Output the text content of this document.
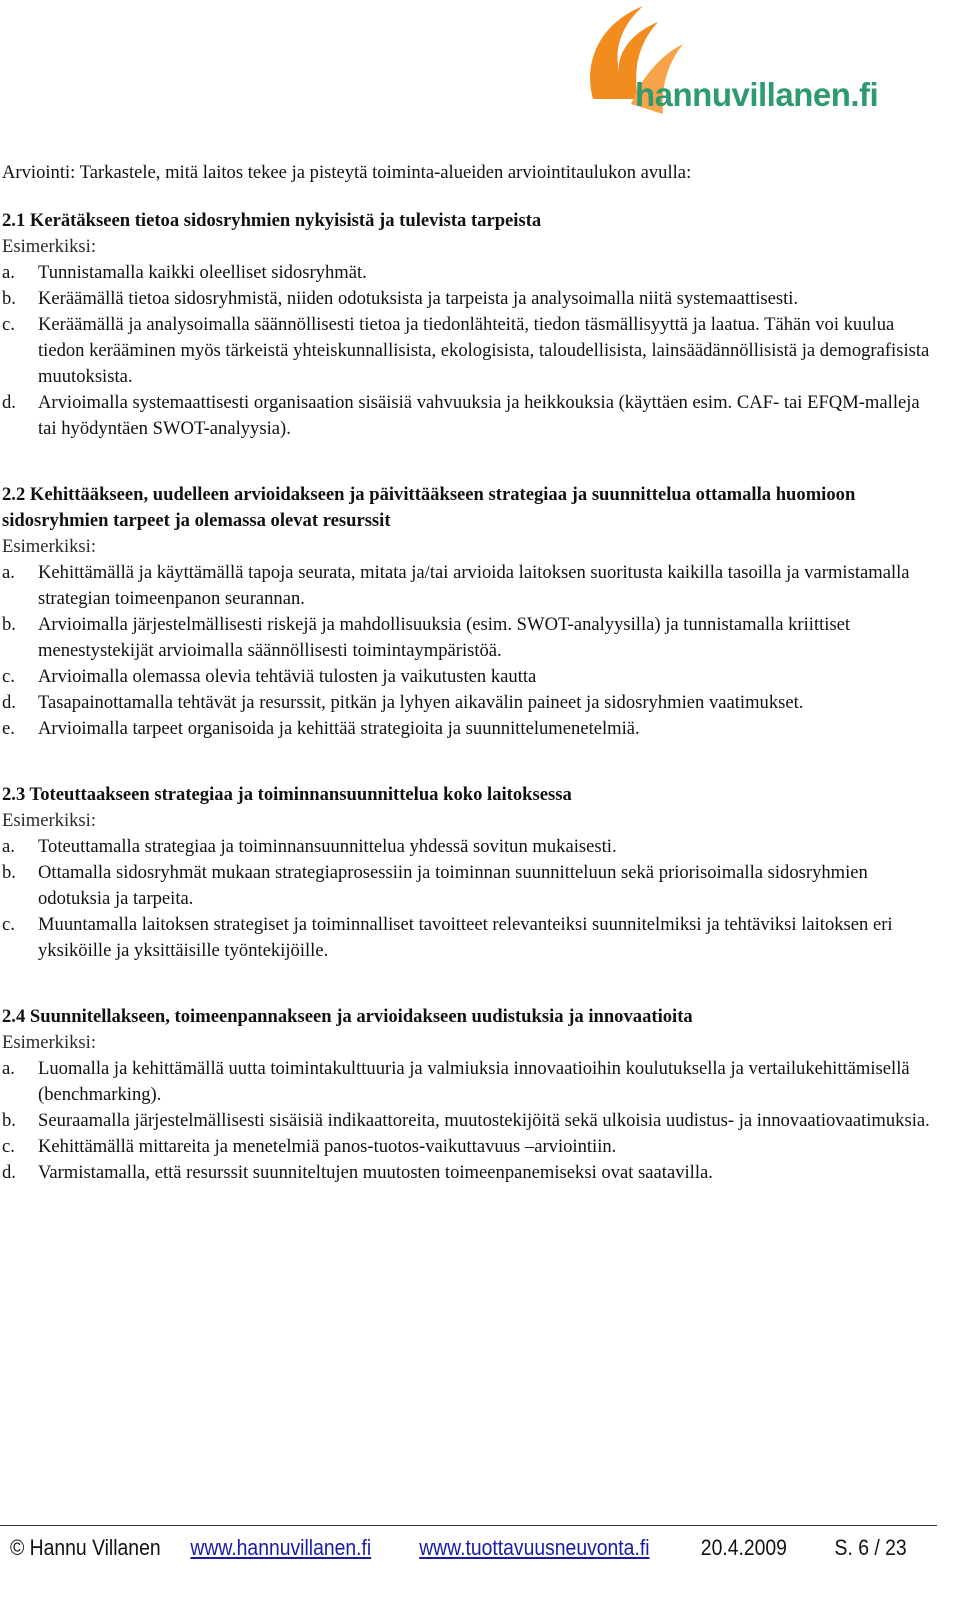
hannuvillanen.fi

Arviointi: Tarkastele, mitä laitos tekee ja pisteytä toiminta-alueiden arviointitaulukon avulla:

2.1 Kerätäkseen tietoa sidosryhmien nykyisistä ja tulevista tarpeista

Esimerkiksi:

a. Tunnistamalla kaikki oleelliset sidosryhmät.
b. Keräämällä tietoa sidosryhmistä, niiden odotuksista ja tarpeista ja analysoimalla niitä systemaattisesti.
c. Keräämällä ja analysoimalla säännöllisesti tietoa ja tiedonlähteitä, tiedon täsmällisyyttä ja laatua. Tähän voi kuulua tiedon kerääminen myös tärkeistä yhteiskunnallisista, ekologisista, taloudellisista, lainsäädännöllisistä ja demografisista muutoksista.
d. Arvioimalla systemaattisesti organisaation sisäisiä vahvuuksia ja heikkouksia (käyttäen esim. CAF- tai EFQM-malleja tai hyödyntäen SWOT-analyysia).

2.2 Kehittääkseen, uudelleen arvioidakseen ja päivittääkseen strategiaa ja suunnittelua ottamalla huomioon sidosryhmien tarpeet ja olemassa olevat resurssit

Esimerkiksi:

a. Kehittämällä ja käyttämällä tapoja seurata, mitata ja/tai arvioida laitoksen suoritusta kaikilla tasoilla ja varmistamalla strategian toimeenpanon seurannan.
b. Arvioimalla järjestelmällisesti riskejä ja mahdollisuuksia (esim. SWOT-analyysilla) ja tunnistamalla kriittiset menestystekijät arvioimalla säännöllisesti toimintaympäristöä.
c. Arvioimalla olemassa olevia tehtäviä tulosten ja vaikutusten kautta
d. Tasapainottamalla tehtävät ja resurssit, pitkän ja lyhyen aikavälin paineet ja sidosryhmien vaatimukset.
e. Arvioimalla tarpeet organisoida ja kehittää strategioita ja suunnittelumenetelmiä.

2.3 Toteuttaakseen strategiaa ja toiminnansuunnittelua koko laitoksessa

Esimerkiksi:

a. Toteuttamalla strategiaa ja toiminnansuunnittelua yhdessä sovitun mukaisesti.
b. Ottamalla sidosryhmät mukaan strategiaprosessiin ja toiminnan suunnitteluun sekä priorisoimalla sidosryhmien odotuksia ja tarpeita.
c. Muuntamalla laitoksen strategiset ja toiminnalliset tavoitteet relevanteiksi suunnitelmiksi ja tehtäviksi laitoksen eri yksiköille ja yksittäisille työntekijöille.

2.4 Suunnitellakseen, toimeenpannakseen ja arvioidakseen uudistuksia ja innovaatioita

Esimerkiksi:

a. Luomalla ja kehittämällä uutta toimintakulttuuria ja valmiuksia innovaatioihin koulutuksella ja vertailukehittämisellä (benchmarking).
b. Seuraamalla järjestelmällisesti sisäisiä indikaattoreita, muutostekijöitä sekä ulkoisia uudistus- ja innovaatiovaatimuksia.
c. Kehittämällä mittareita ja menetelmiä panos-tuotos-vaikuttavuus –arviointiin.
d. Varmistamalla, että resurssit suunniteltujen muutosten toimeenpanemiseksi ovat saatavilla.
© Hannu Villanen www.hannuvillanen.fi www.tuottavuusneuvonta.fi 20.4.2009 S. 6 / 23
